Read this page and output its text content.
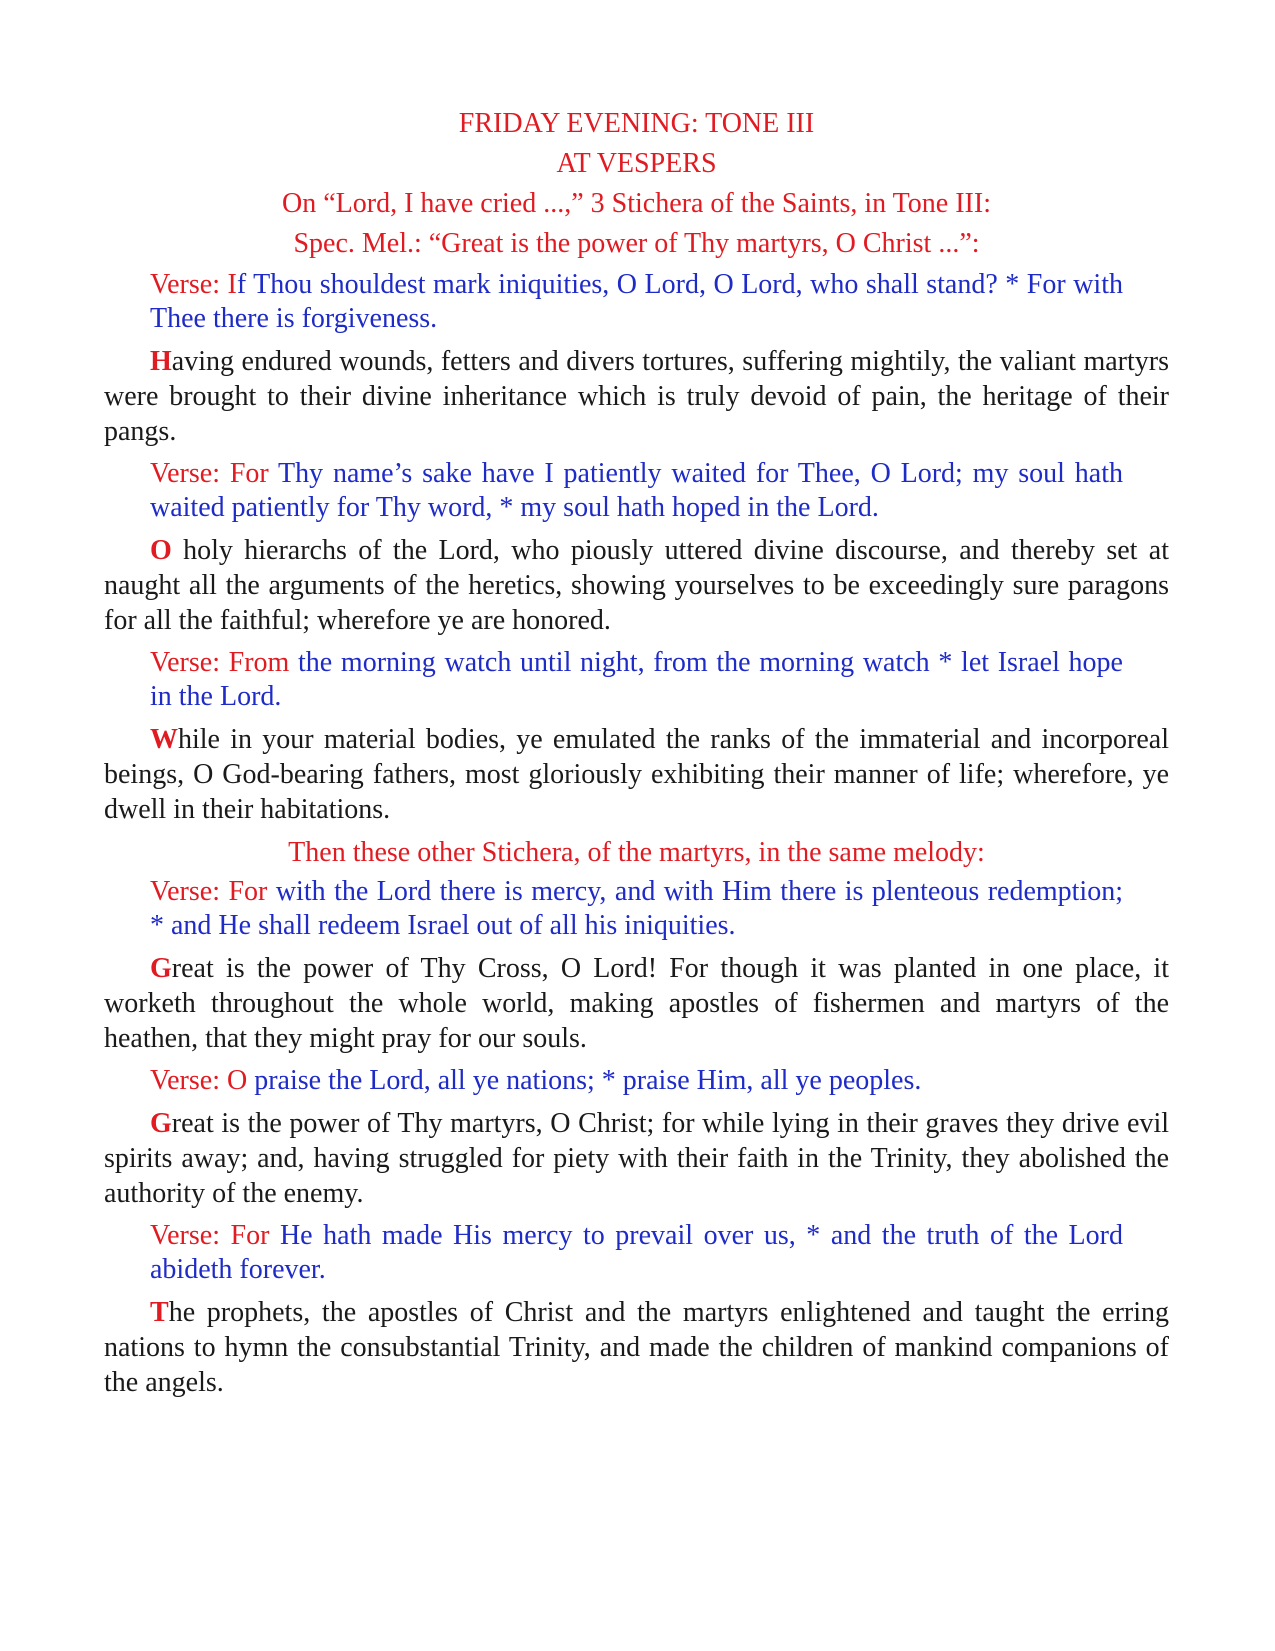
FRIDAY EVENING: TONE III

AT VESPERS

On “Lord, I have cried ...,” 3 Stichera of the Saints, in Tone III:

Spec. Mel.: “Great is the power of Thy martyrs, O Christ ...”:

Verse: If Thou shouldest mark iniquities, O Lord, O Lord, who shall stand? * For with Thee there is forgiveness.

Having endured wounds, fetters and divers tortures, suffering mightily, the valiant martyrs were brought to their divine inheritance which is truly devoid of pain, the heritage of their pangs.

Verse: For Thy name’s sake have I patiently waited for Thee, O Lord; my soul hath waited patiently for Thy word, * my soul hath hoped in the Lord.

O holy hierarchs of the Lord, who piously uttered divine discourse, and thereby set at naught all the arguments of the heretics, showing yourselves to be exceedingly sure paragons for all the faithful; wherefore ye are honored.

Verse: From the morning watch until night, from the morning watch * let Israel hope in the Lord.

While in your material bodies, ye emulated the ranks of the immaterial and incorporeal beings, O God-bearing fathers, most gloriously exhibiting their manner of life; wherefore, ye dwell in their habitations.

Then these other Stichera, of the martyrs, in the same melody:

Verse: For with the Lord there is mercy, and with Him there is plenteous redemption; * and He shall redeem Israel out of all his iniquities.

Great is the power of Thy Cross, O Lord! For though it was planted in one place, it worketh throughout the whole world, making apostles of fishermen and martyrs of the heathen, that they might pray for our souls.

Verse: O praise the Lord, all ye nations; * praise Him, all ye peoples.

Great is the power of Thy martyrs, O Christ; for while lying in their graves they drive evil spirits away; and, having struggled for piety with their faith in the Trinity, they abolished the authority of the enemy.

Verse: For He hath made His mercy to prevail over us, * and the truth of the Lord abideth forever.

The prophets, the apostles of Christ and the martyrs enlightened and taught the erring nations to hymn the consubstantial Trinity, and made the children of mankind companions of the angels.
